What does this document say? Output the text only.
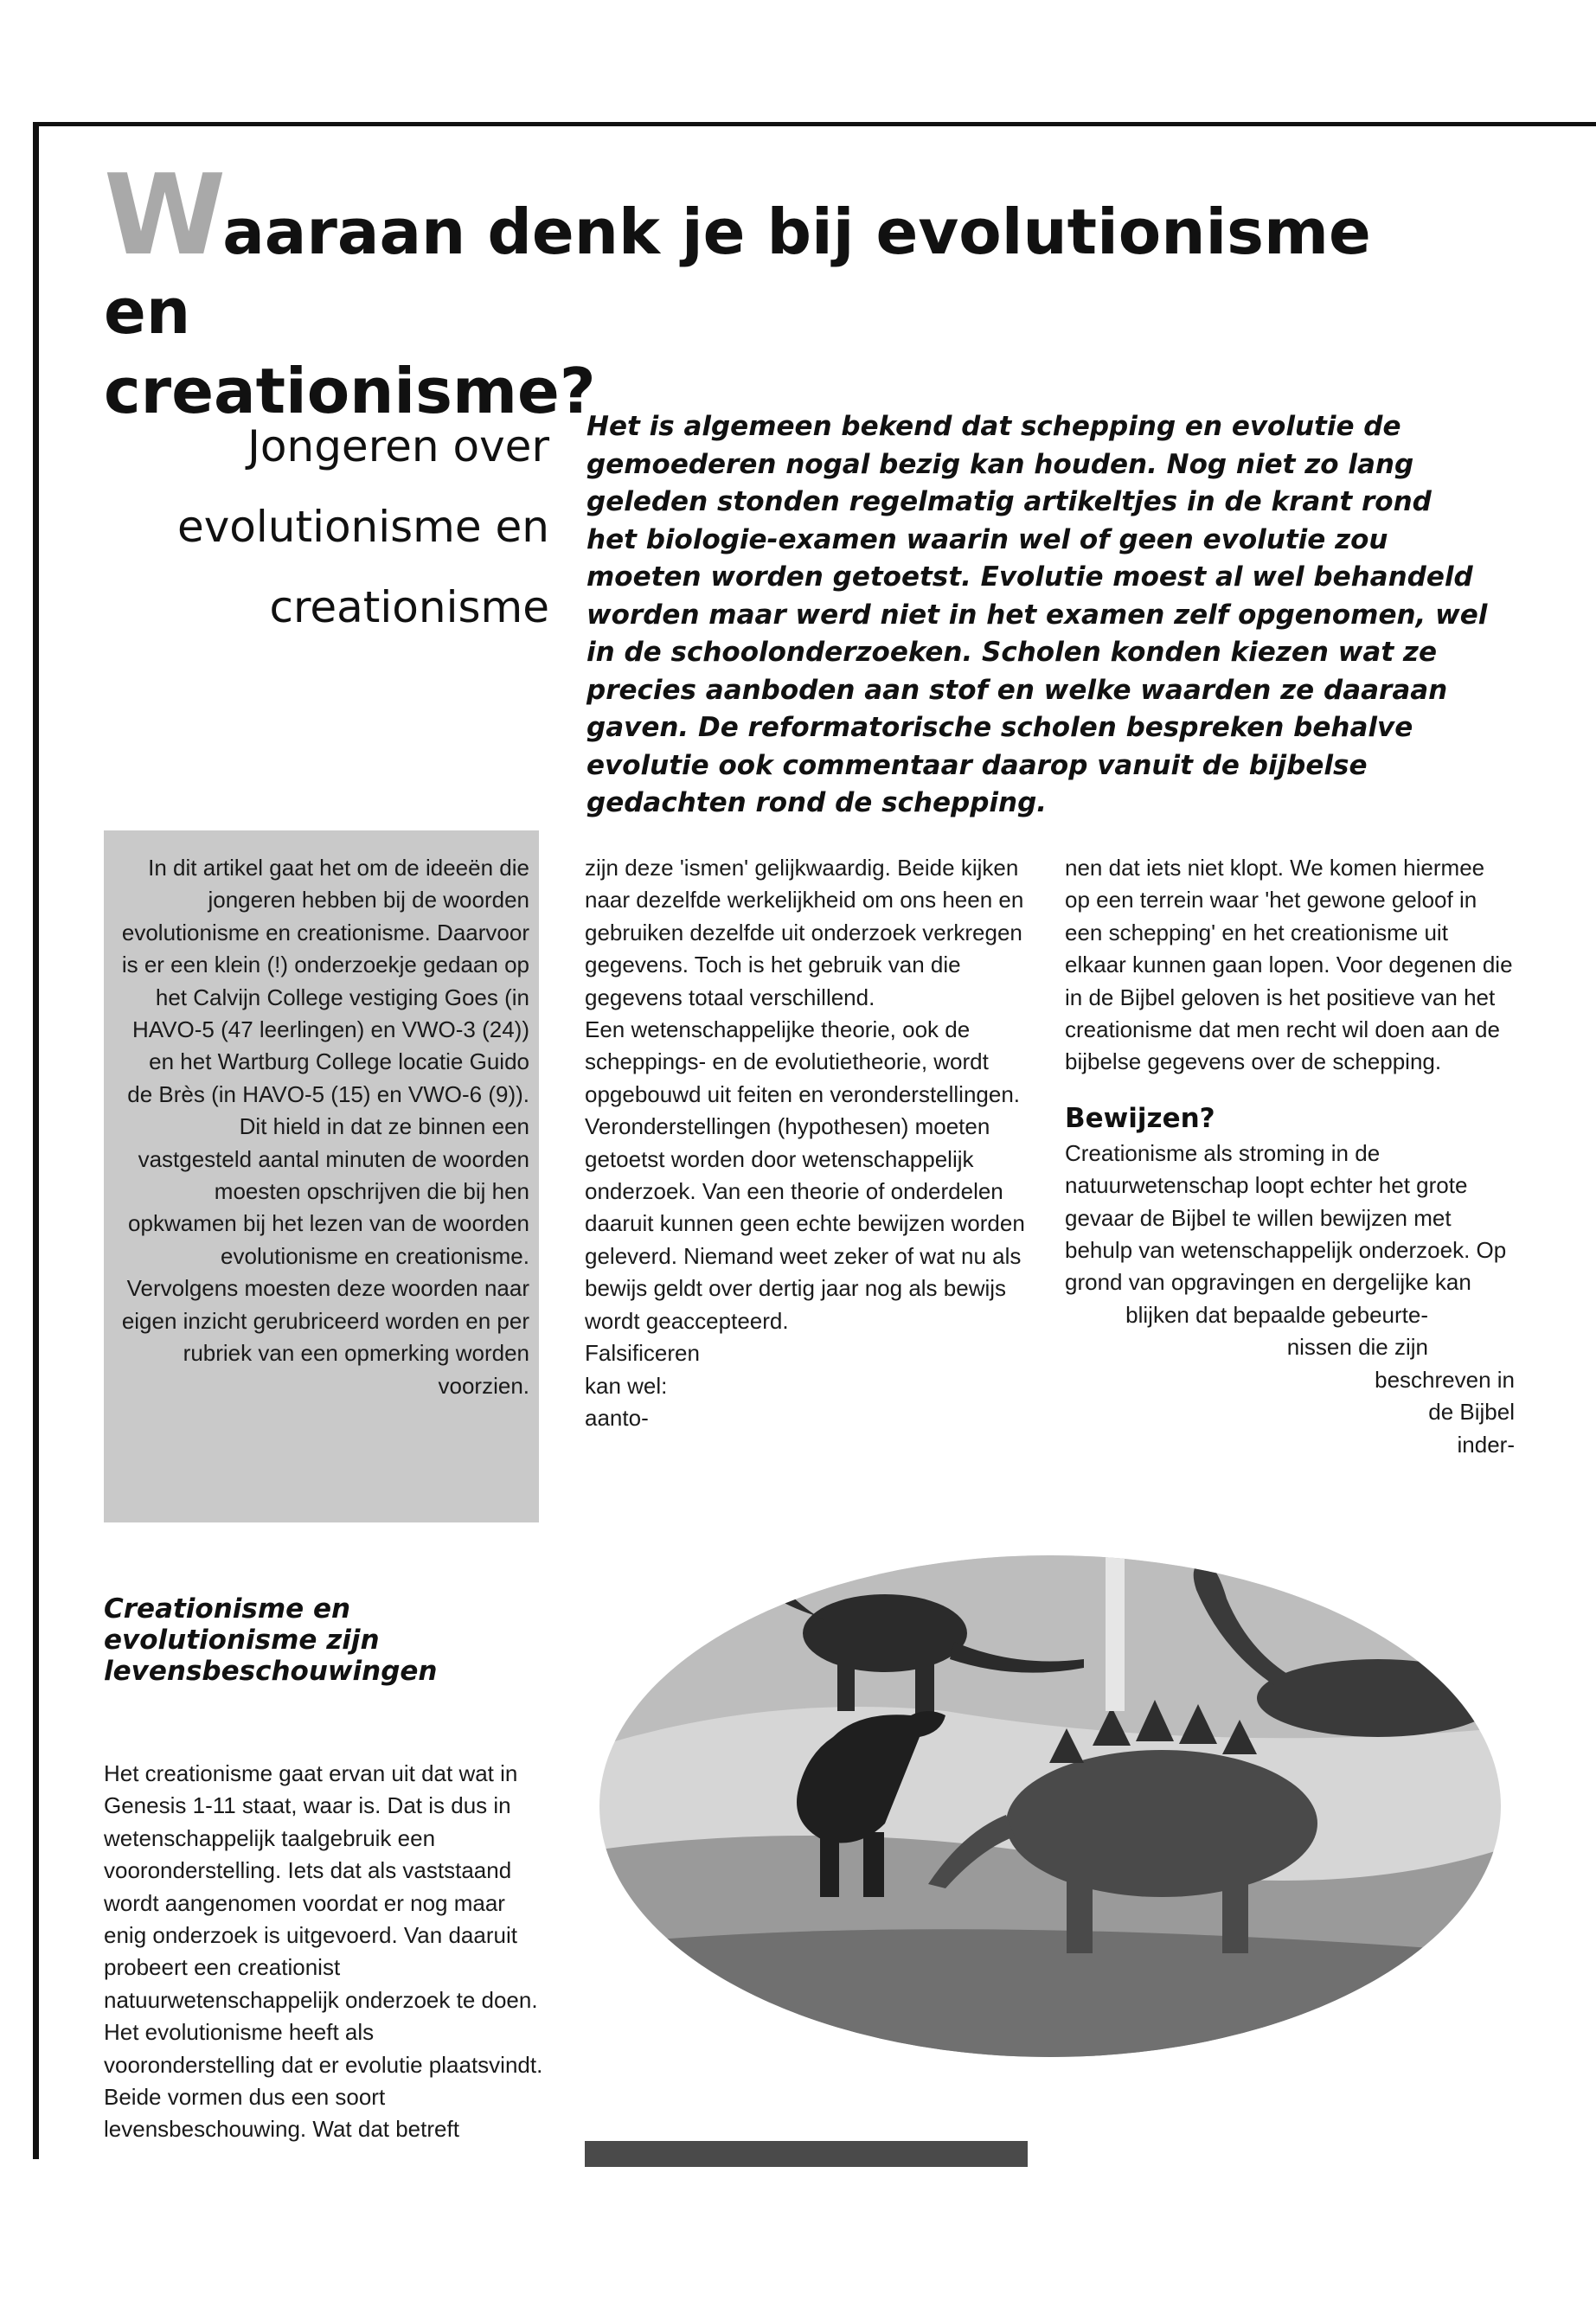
Waaraan denk je bij evolutionisme en
creationisme?
Jongeren over
evolutionisme en
creationisme
Het is algemeen bekend dat schepping en evolutie de gemoederen nogal bezig kan houden. Nog niet zo lang geleden stonden regelmatig artikeltjes in de krant rond het biologie-examen waarin wel of geen evolutie zou moeten worden getoetst. Evolutie moest al wel behandeld worden maar werd niet in het examen zelf opgenomen, wel in de schoolonderzoeken. Scholen konden kiezen wat ze precies aanboden aan stof en welke waarden ze daaraan gaven. De reformatorische scholen bespreken behalve evolutie ook commentaar daarop vanuit de bijbelse gedachten rond de schepping.
In dit artikel gaat het om de ideeën die jongeren hebben bij de woorden evolutionisme en creationisme. Daarvoor is er een klein (!) onderzoekje gedaan op het Calvijn College vestiging Goes (in HAVO-5 (47 leerlingen) en VWO-3 (24)) en het Wartburg College locatie Guido de Brès (in HAVO-5 (15) en VWO-6 (9)). Dit hield in dat ze binnen een vastgesteld aantal minuten de woorden moesten opschrijven die bij hen opkwamen bij het lezen van de woorden evolutionisme en creationisme. Vervolgens moesten deze woorden naar eigen inzicht gerubriceerd worden en per rubriek van een opmerking worden voorzien.
Creationisme en evolutionisme zijn levensbeschouwingen
Het creationisme gaat ervan uit dat wat in Genesis 1-11 staat, waar is. Dat is dus in wetenschappelijk taalgebruik een vooronderstelling. Iets dat als vaststaand wordt aangenomen voordat er nog maar enig onderzoek is uitgevoerd. Van daaruit probeert een creationist natuurwetenschappelijk onderzoek te doen. Het evolutionisme heeft als vooronderstelling dat er evolutie plaatsvindt. Beide vormen dus een soort levensbeschouwing. Wat dat betreft
zijn deze 'ismen' gelijkwaardig. Beide kijken naar dezelfde werkelijkheid om ons heen en gebruiken dezelfde uit onderzoek verkregen gegevens. Toch is het gebruik van die gegevens totaal verschillend.
Een wetenschappelijke theorie, ook de scheppings- en de evolutietheorie, wordt opgebouwd uit feiten en veronderstellingen.
Veronderstellingen (hypothesen) moeten getoetst worden door wetenschappelijk onderzoek. Van een theorie of onderdelen daaruit kunnen geen echte bewijzen worden geleverd. Niemand weet zeker of wat nu als bewijs geldt over dertig jaar nog als bewijs wordt geaccepteerd.
Falsificeren
kan wel:
aanto-
nen dat iets niet klopt. We komen hiermee op een terrein waar 'het gewone geloof in een schepping' en het creationisme uit elkaar kunnen gaan lopen. Voor degenen die in de Bijbel geloven is het positieve van het creationisme dat men recht wil doen aan de bijbelse gegevens over de schepping.
Bewijzen?
Creationisme als stroming in de natuurwetenschap loopt echter het grote gevaar de Bijbel te willen bewijzen met behulp van wetenschappelijk onderzoek. Op grond van opgravingen en dergelijke kan
blijken dat bepaalde gebeurte-
nissen die zijn
beschreven in
de Bijbel
inder-
